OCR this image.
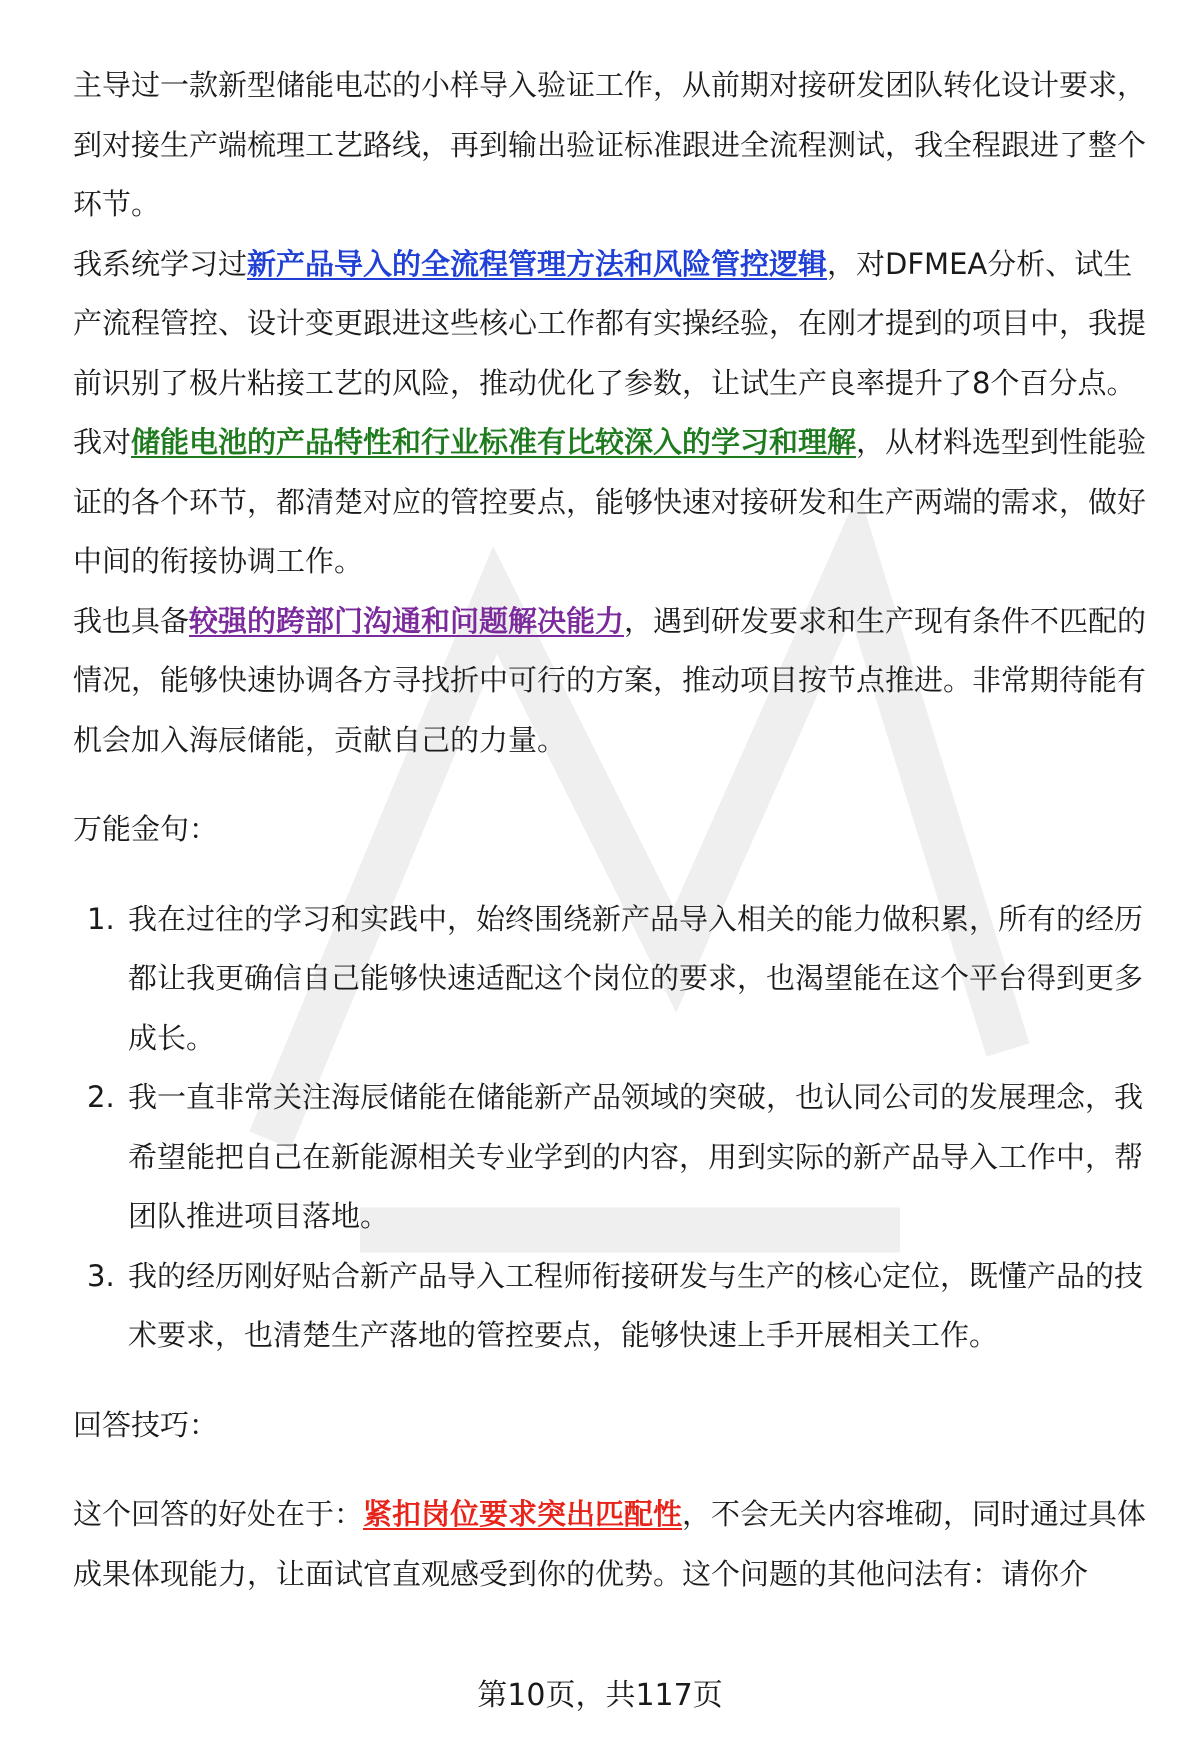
主导过一款新型储能电芯的小样导入验证工作，从前期对接研发团队转化设计要求，到对接生产端梳理工艺路线，再到输出验证标准跟进全流程测试，我全程跟进了整个环节。

我系统学习过新产品导入的全流程管理方法和风险管控逻辑，对DFMEA分析、试生产流程管控、设计变更跟进这些核心工作都有实操经验，在刚才提到的项目中，我提前识别了极片粘接工艺的风险，推动优化了参数，让试生产良率提升了8个百分点。

我对储能电池的产品特性和行业标准有比较深入的学习和理解，从材料选型到性能验证的各个环节，都清楚对应的管控要点，能够快速对接研发和生产两端的需求，做好中间的衔接协调工作。

我也具备较强的跨部门沟通和问题解决能力，遇到研发要求和生产现有条件不匹配的情况，能够快速协调各方寻找折中可行的方案，推动项目按节点推进。非常期待能有机会加入海辰储能，贡献自己的力量。

万能金句：

1. 我在过往的学习和实践中，始终围绕新产品导入相关的能力做积累，所有的经历都让我更确信自己能够快速适配这个岗位的要求，也渴望能在这个平台得到更多成长。
2. 我一直非常关注海辰储能在储能新产品领域的突破，也认同公司的发展理念，我希望能把自己在新能源相关专业学到的内容，用到实际的新产品导入工作中，帮团队推进项目落地。
3. 我的经历刚好贴合新产品导入工程师衔接研发与生产的核心定位，既懂产品的技术要求，也清楚生产落地的管控要点，能够快速上手开展相关工作。

回答技巧：

这个回答的好处在于：紧扣岗位要求突出匹配性，不会无关内容堆砌，同时通过具体成果体现能力，让面试官直观感受到你的优势。这个问题的其他问法有：请你介

第10页，共117页
